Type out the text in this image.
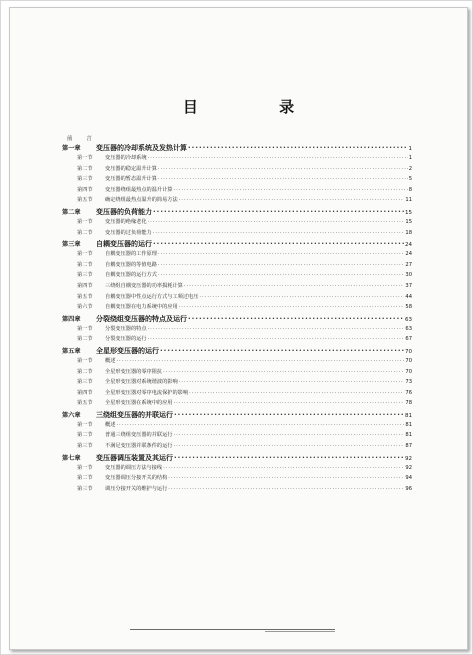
目 录
前 言
第一章 变压器的冷却系统及发热计算 ·····	1
第一节 变压器的冷却系统 ·····	1
第二节 变压器的稳定温升计算 ·····	2
第三节 变压器的暂态温升计算 ·····	5
第四节 变压器绕组最热点的温升计算 ·····	8
第五节 确定绕组最热点温升的简易方法 ·····	11
第二章 变压器的负荷能力 ·····	15
第一节 变压器的绝缘老化 ·····	15
第二节 变压器的过负荷能力 ·····	18
第三章 自耦变压器的运行 ·····	24
第一节 自耦变压器的工作原理 ·····	24
第二节 自耦变压器的等值电路 ·····	27
第三节 自耦变压器的运行方式 ·····	30
第四节 三绕组自耦变压器的功率损耗计算 ·····	37
第五节 自耦变压器中性点运行方式与工频过电压 ·····	44
第六节 自耦变压器在电力系统中的应用 ·····	58
第四章 分裂绕组变压器的特点及运行 ·····	63
第一节 分裂变压器的特点 ·····	63
第二节 分裂变压器的运行 ·····	67
第五章 全星形变压器的运行 ·····	70
第一节 概述 ·····	70
第二节 全星形变压器的零序阻抗 ·····	70
第三节 全星形变压器对系统谐波的影响 ·····	73
第四节 全星形变压器对零序电流保护的影响 ·····	76
第五节 全星形变压器在系统中的应用 ·····	78
第六章 三绕组变压器的并联运行 ·····	81
第一节 概述 ·····	81
第二节 普通三绕组变压器的并联运行 ·····	81
第三节 不满足变压器并联条件的运行 ·····	87
第七章 变压器调压装置及其运行 ·····	92
第一节 变压器的调压方法与接线 ·····	92
第二节 变压器调压分接开关的结构 ·····	94
第三节 调压分接开关的维护与运行 ·····	96
